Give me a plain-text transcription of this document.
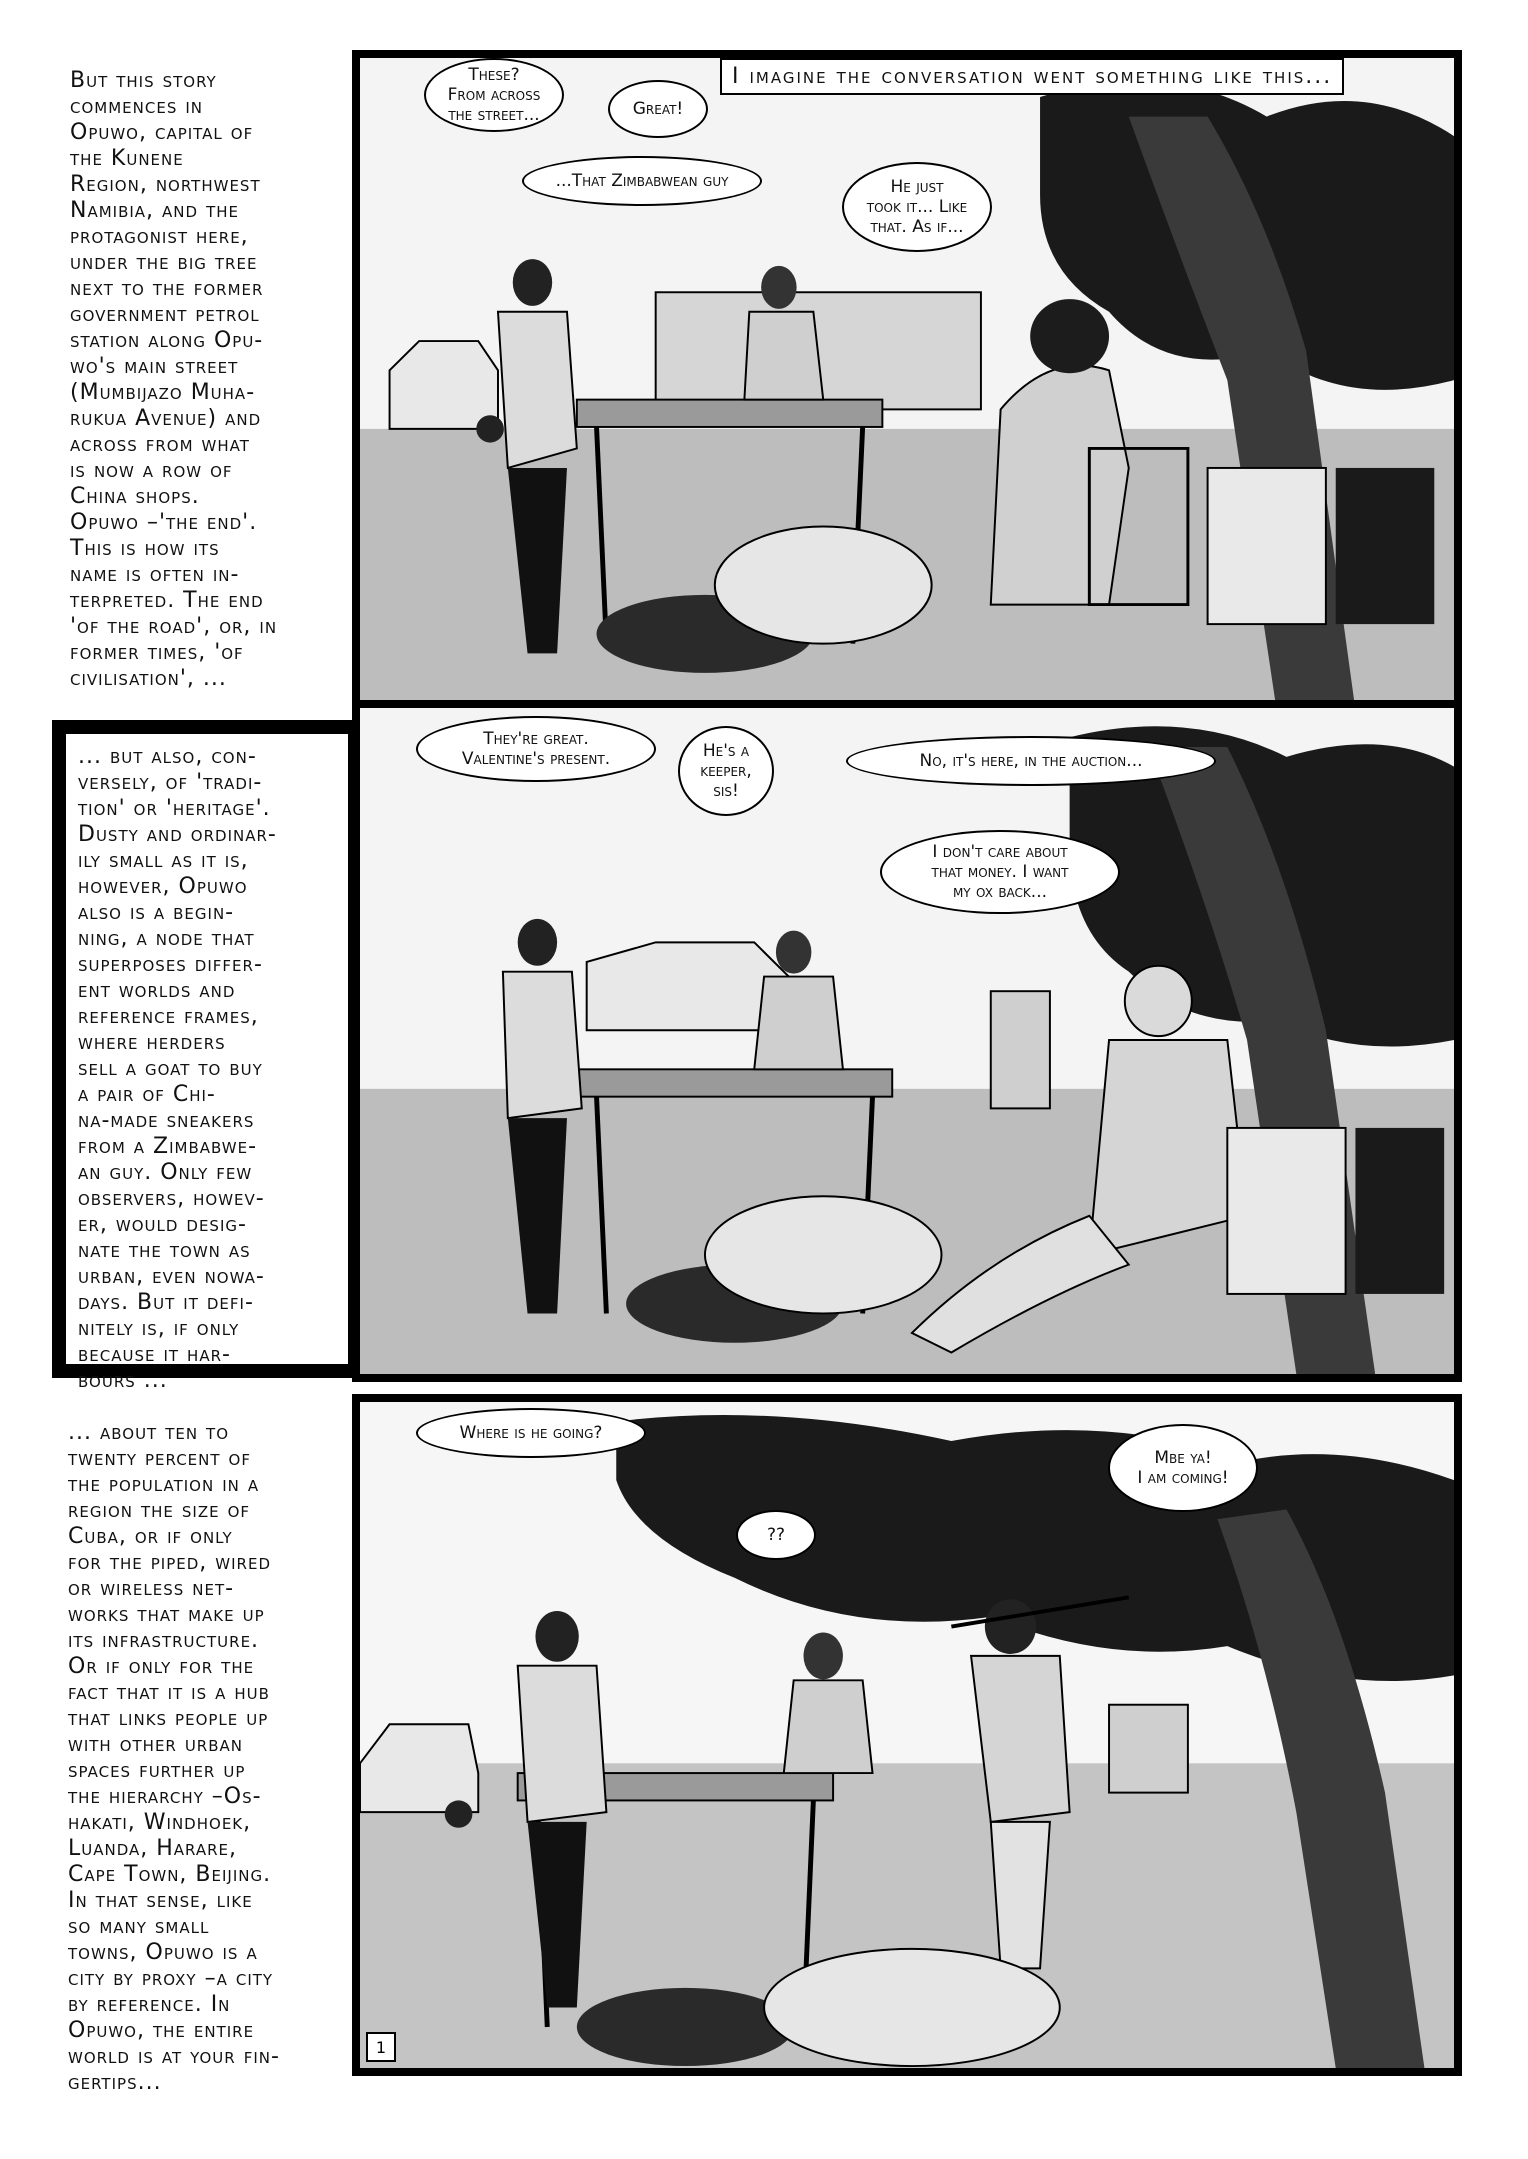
But this story
commences in
Opuwo, capital of
the Kunene
Region, northwest
Namibia, and the
protagonist here,
under the big tree
next to the former
government petrol
station along Opu-
wo's main street
(Mumbijazo Muha-
rukua Avenue) and
across from what
is now a row of
China shops.
Opuwo –'the end'.
This is how its
name is often in-
terpreted. The end
'of the road', or, in
former times, 'of
civilisation', ...
... but also, con-
versely, of 'tradi-
tion' or 'heritage'.
Dusty and ordinar-
ily small as it is,
however, Opuwo
also is a begin-
ning, a node that
superposes differ-
ent worlds and
reference frames,
where herders
sell a goat to buy
a pair of Chi-
na-made sneakers
from a Zimbabwe-
an guy. Only few
observers, howev-
er, would desig-
nate the town as
urban, even nowa-
days. But it defi-
nitely is, if only
because it har-
bours ...
... about ten to
twenty percent of
the population in a
region the size of
Cuba, or if only
for the piped, wired
or wireless net-
works that make up
its infrastructure.
Or if only for the
fact that it is a hub
that links people up
with other urban
spaces further up
the hierarchy –Os-
hakati, Windhoek,
Luanda, Harare,
Cape Town, Beijing.
In that sense, like
so many small
towns, Opuwo is a
city by proxy –a city
by reference. In
Opuwo, the entire
world is at your fin-
gertips...
I imagine the conversation went something like this...
These?
From across
the street...	Great!
...That Zimbabwean guy	He just
took it... Like
that. As if...
They're great.
Valentine's present.	He's a
keeper,
sis!
No, it's here, in the auction...
I don't care about
that money. I want
my ox back...
Where is he going?
??
Mbe ya!
I am coming!
1
